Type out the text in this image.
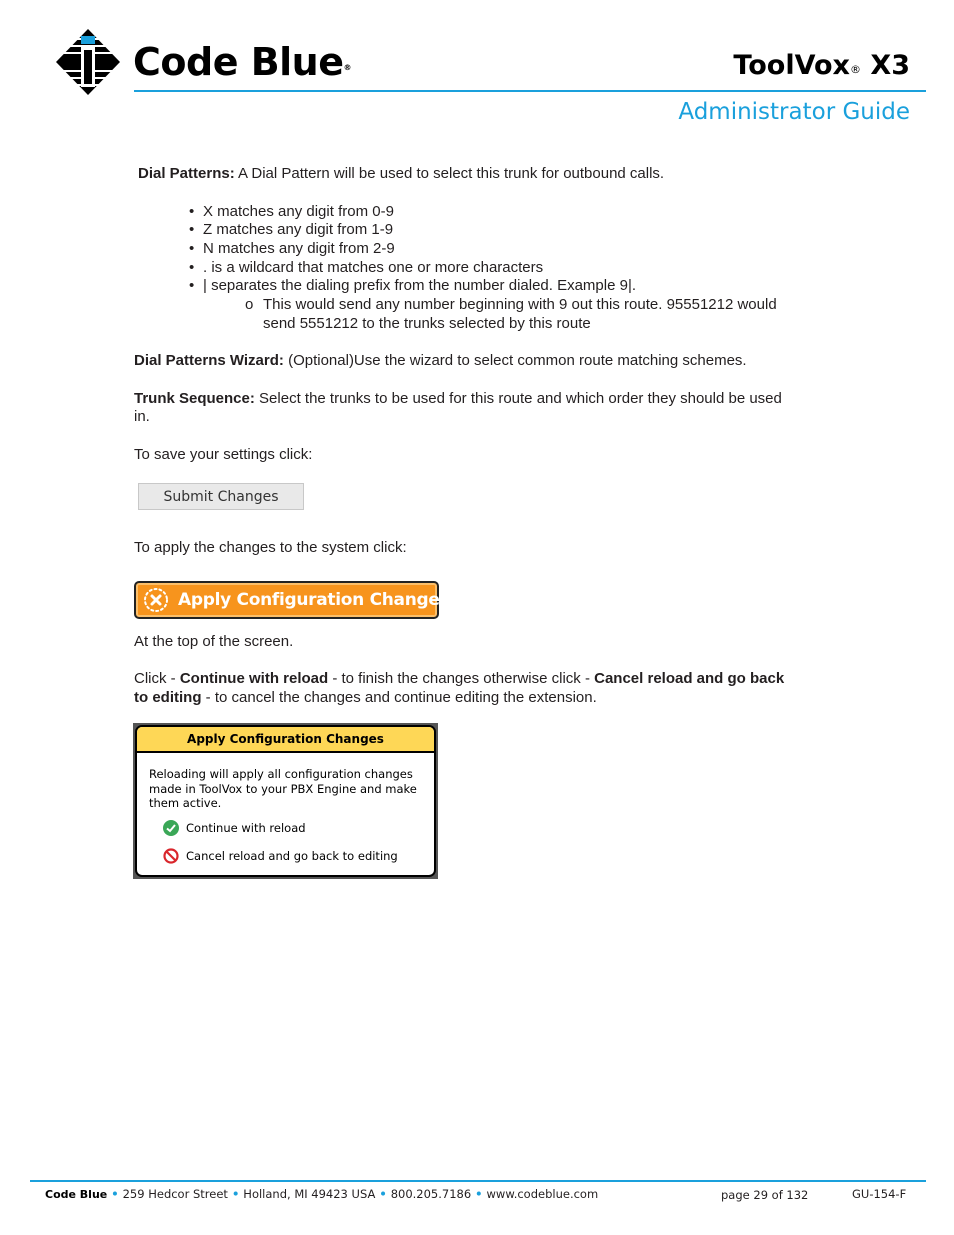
Code Blue®	ToolVox® X3
Administrator Guide
Dial Patterns: A Dial Pattern will be used to select this trunk for outbound calls.
• X matches any digit from 0-9
• Z matches any digit from 1-9
• N matches any digit from 2-9
• . is a wildcard that matches one or more characters
• | separates the dialing prefix from the number dialed. Example 9|.
o This would send any number beginning with 9 out this route. 95551212 would
send 5551212 to the trunks selected by this route
Dial Patterns Wizard: (Optional)Use the wizard to select common route matching schemes.
Trunk Sequence: Select the trunks to be used for this route and which order they should be used
in.
To save your settings click:
Submit Changes
To apply the changes to the system click:
Apply Configuration Changes
At the top of the screen.
Click - Continue with reload - to finish the changes otherwise click - Cancel reload and go back
to editing - to cancel the changes and continue editing the extension.
Apply Configuration Changes
Reloading will apply all configuration changes
made in ToolVox to your PBX Engine and make
them active.
Continue with reload
Cancel reload and go back to editing
Code Blue • 259 Hedcor Street • Holland, MI 49423 USA • 800.205.7186 • www.codeblue.com	page 29 of 132	GU-154-F
